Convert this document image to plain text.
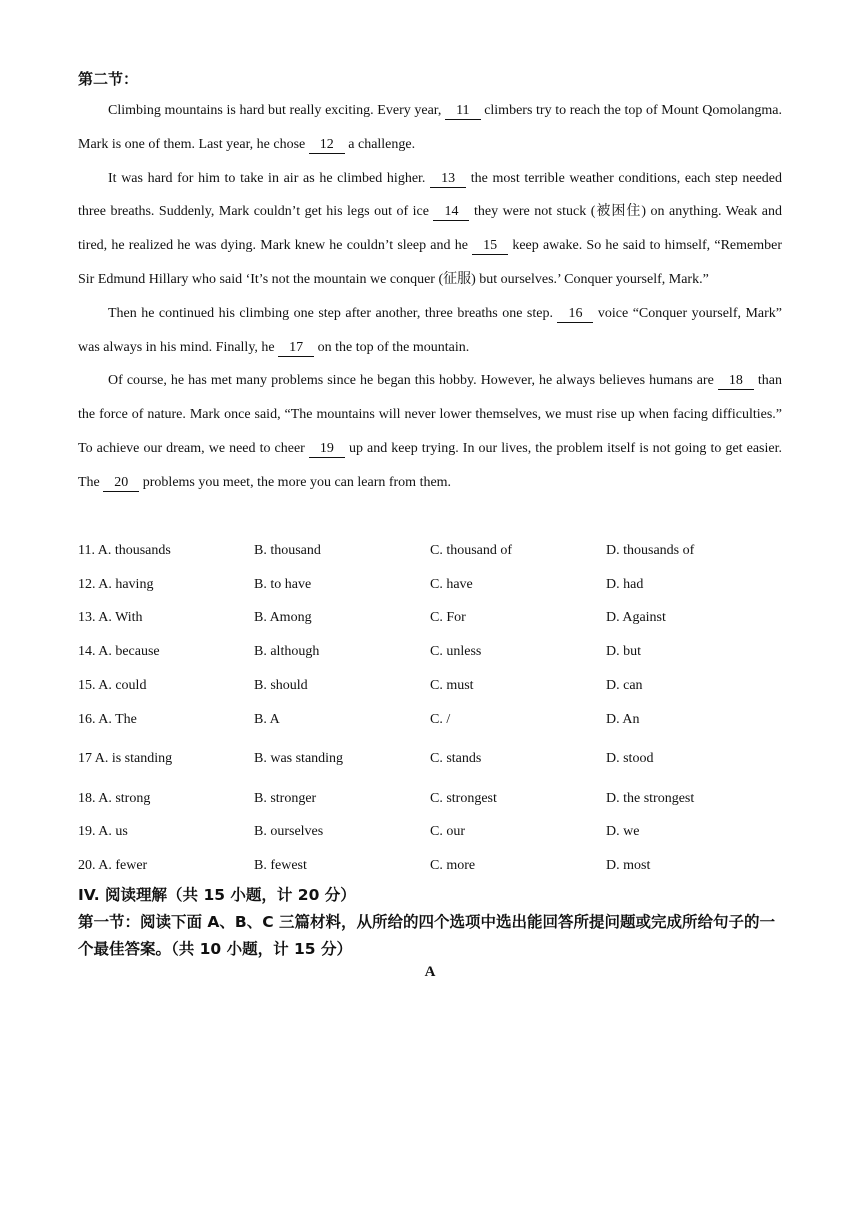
第二节：

Climbing mountains is hard but really exciting. Every year, 11 climbers try to reach the top of Mount Qomolangma. Mark is one of them. Last year, he chose 12 a challenge.

It was hard for him to take in air as he climbed higher. 13 the most terrible weather conditions, each step needed three breaths. Suddenly, Mark couldn’t get his legs out of ice 14 they were not stuck (被困住) on anything. Weak and tired, he realized he was dying. Mark knew he couldn’t sleep and he 15 keep awake. So he said to himself, “Remember Sir Edmund Hillary who said ‘It’s not the mountain we conquer (征服) but ourselves.’ Conquer yourself, Mark.”

Then he continued his climbing one step after another, three breaths one step. 16 voice “Conquer yourself, Mark” was always in his mind. Finally, he 17 on the top of the mountain.

Of course, he has met many problems since he began this hobby. However, he always believes humans are 18 than the force of nature. Mark once said, “The mountains will never lower themselves, we must rise up when facing difficulties.” To achieve our dream, we need to cheer 19 up and keep trying. In our lives, the problem itself is not going to get easier. The 20 problems you meet, the more you can learn from them.

11. A. thousands	B. thousand	C. thousand of	D. thousands of
12. A. having	B. to have	C. have	D. had
13. A. With	B. Among	C. For	D. Against
14. A. because	B. although	C. unless	D. but
15. A. could	B. should	C. must	D. can
16. A. The	B. A	C. /	D. An
17 A. is standing	B. was standing	C. stands	D. stood
18. A. strong	B. stronger	C. strongest	D. the strongest
19. A. us	B. ourselves	C. our	D. we
20. A. fewer	B. fewest	C. more	D. most
IV. 阅读理解（共 15 小题，计 20 分）
第一节：阅读下面 A、B、C 三篇材料，从所给的四个选项中选出能回答所提问题或完成所给句子的一个最佳答案。（共 10 小题，计 15 分）
A
